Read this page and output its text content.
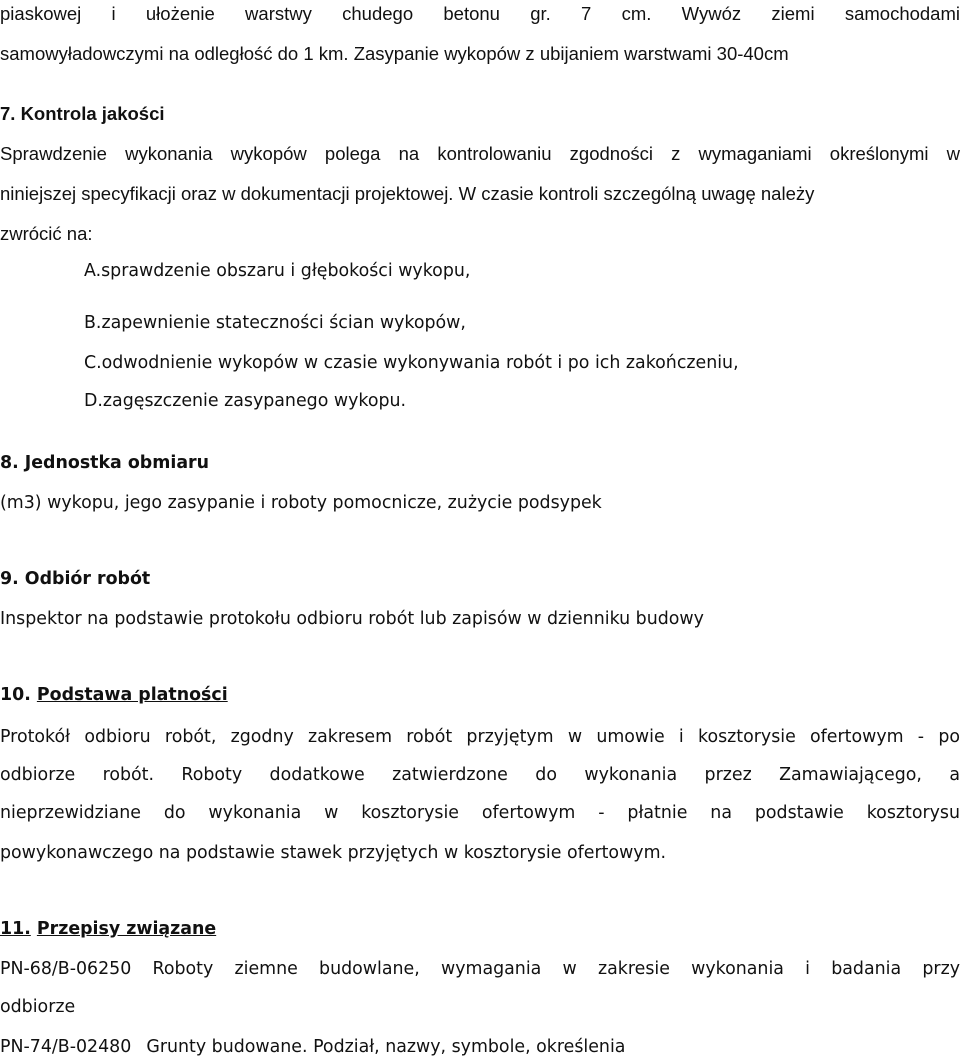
piaskowej i ułożenie warstwy chudego betonu gr. 7 cm. Wywóz ziemi samochodami
samowyładowczymi na odległość do 1 km. Zasypanie wykopów z ubijaniem warstwami 30-40cm
7. Kontrola jakości
Sprawdzenie wykonania wykopów polega na kontrolowaniu zgodności z wymaganiami określonymi w
niniejszej specyfikacji oraz w dokumentacji projektowej. W czasie kontroli szczególną uwagę należy
zwrócić na:
A.sprawdzenie obszaru i głębokości wykopu,
B.zapewnienie stateczności ścian wykopów,
C.odwodnienie wykopów w czasie wykonywania robót i po ich zakończeniu,
D.zagęszczenie zasypanego wykopu.
8. Jednostka obmiaru
(m3) wykopu, jego zasypanie i roboty pomocnicze, zużycie podsypek
9. Odbiór robót
Inspektor na podstawie protokołu odbioru robót lub zapisów w dzienniku budowy
10. Podstawa platności
Protokół odbioru robót, zgodny zakresem robót przyjętym w umowie i kosztorysie ofertowym - po
odbiorze robót. Roboty dodatkowe zatwierdzone do wykonania przez Zamawiającego, a
nieprzewidziane do wykonania w kosztorysie ofertowym - płatnie na podstawie kosztorysu
powykonawczego na podstawie stawek przyjętych w kosztorysie ofertowym.
11. Przepisy związane
PN-68/B-06250 Roboty ziemne budowlane, wymagania w zakresie wykonania i badania przy
odbiorze
PN-74/B-02480 Grunty budowane. Podział, nazwy, symbole, określenia
